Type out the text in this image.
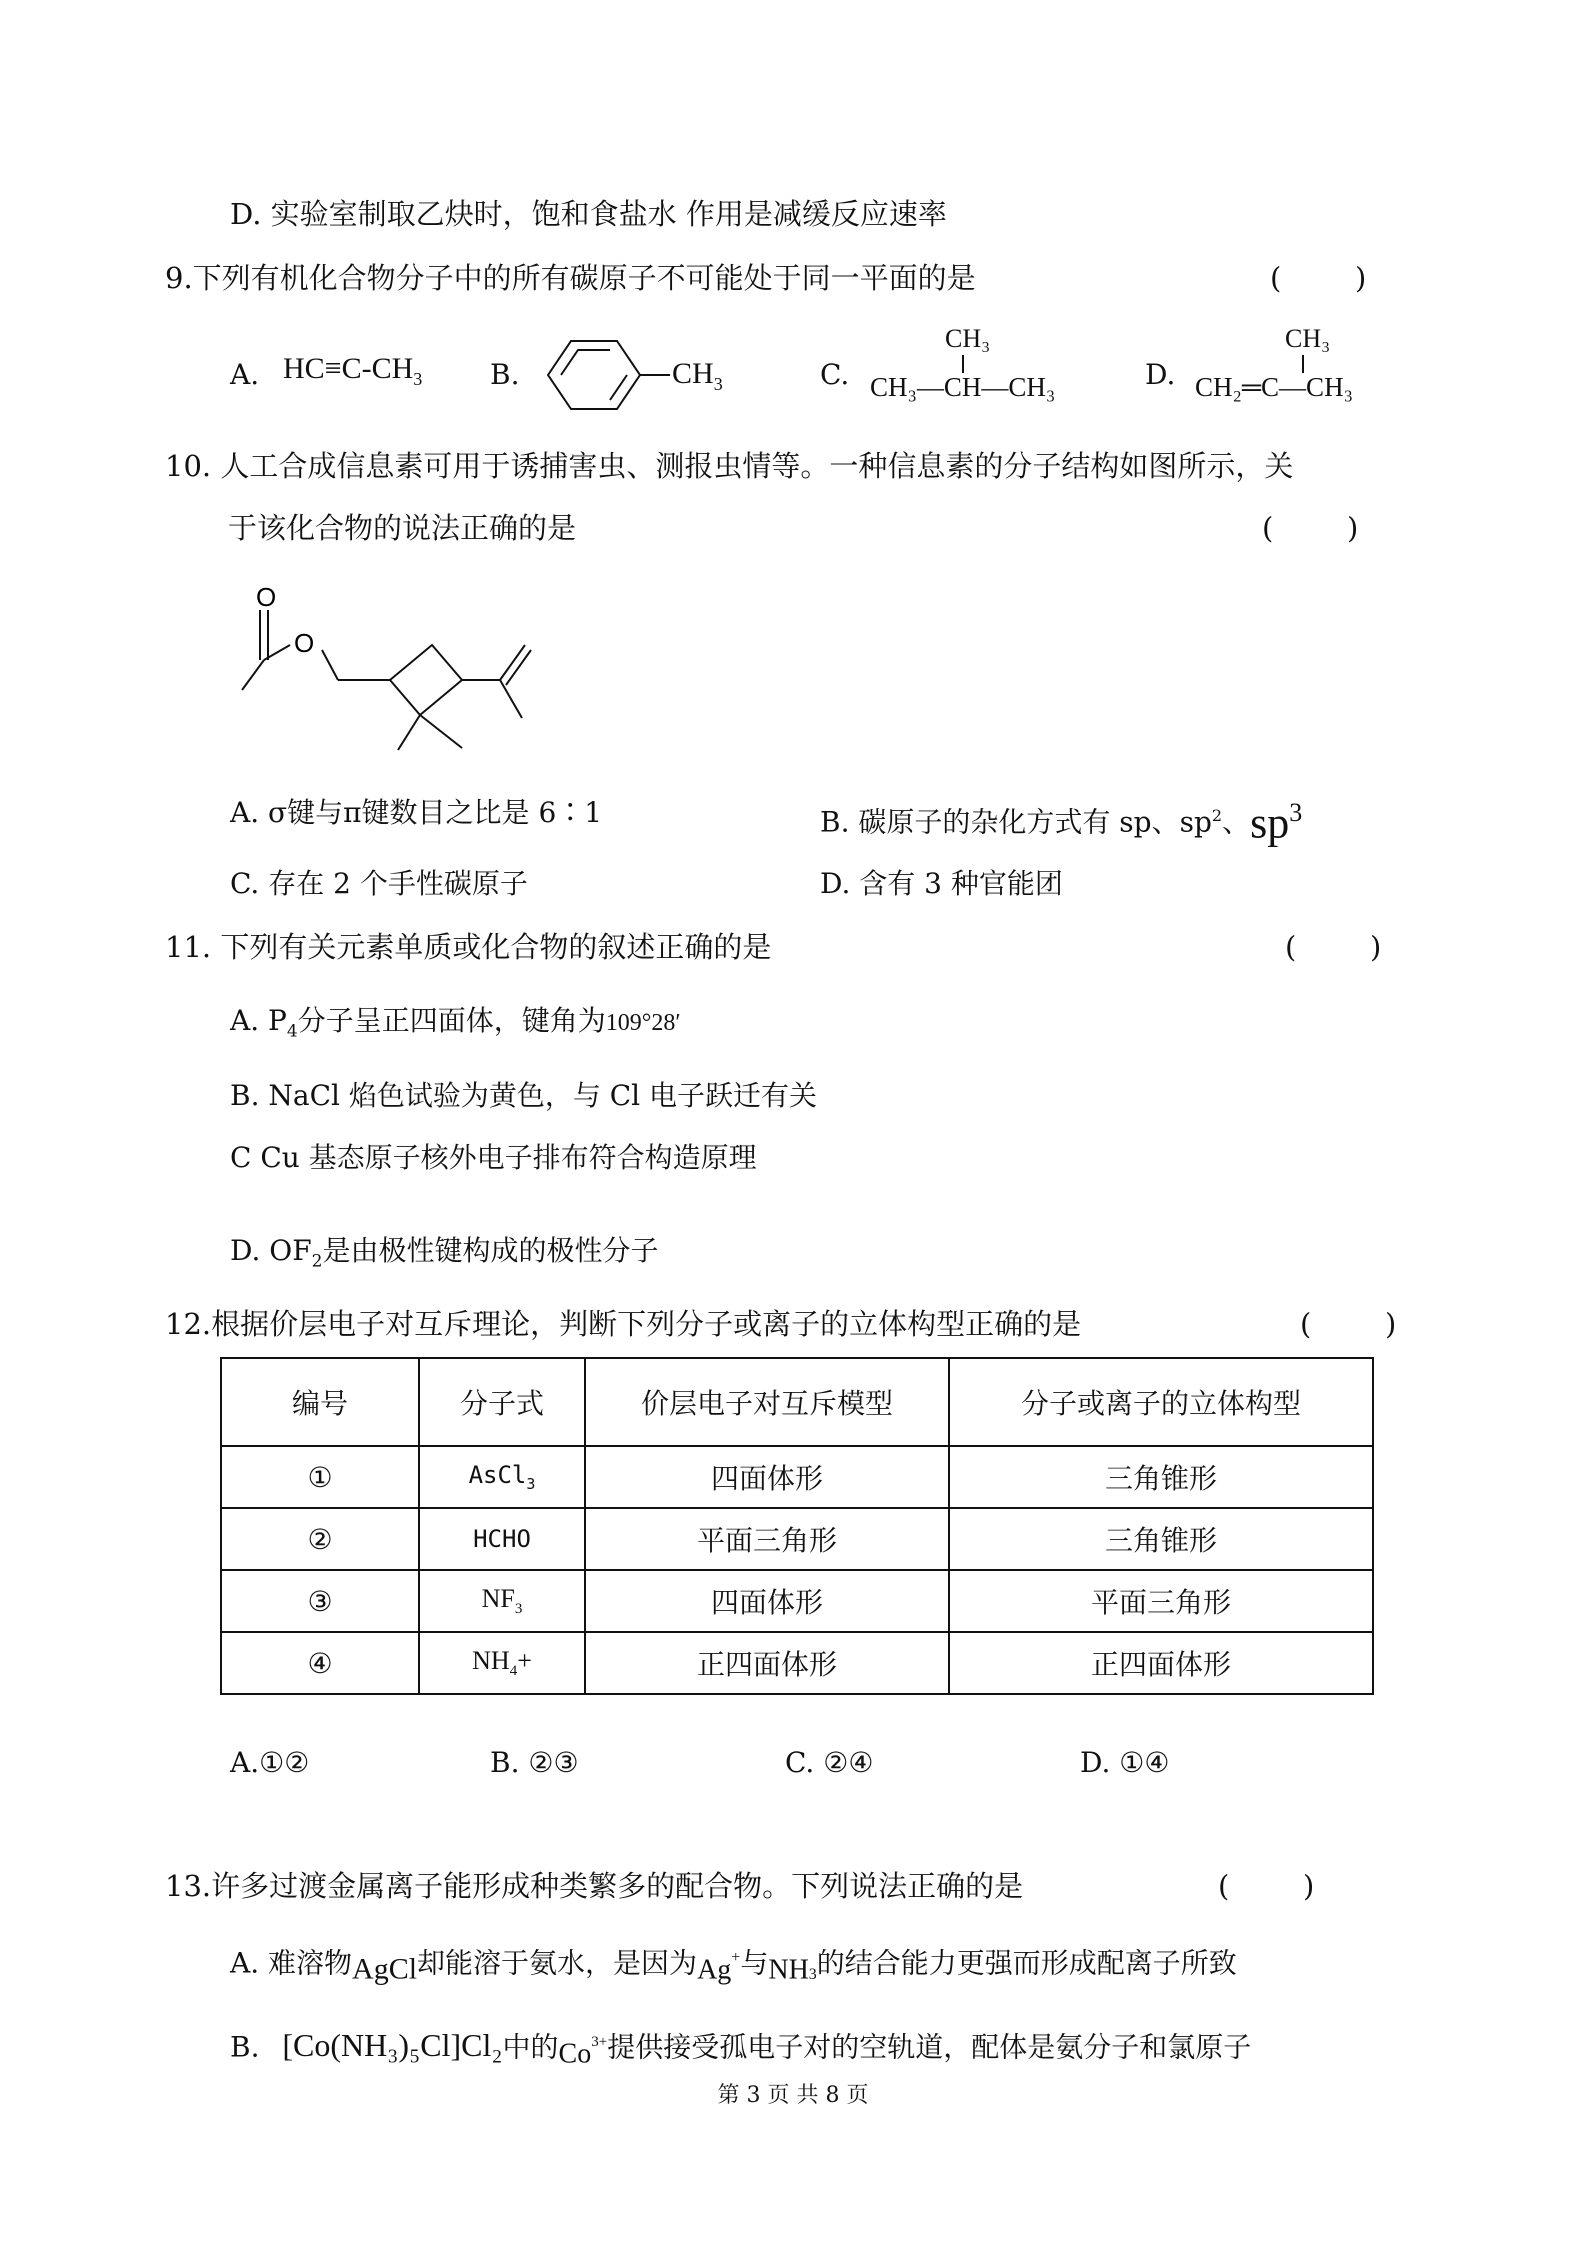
D. 实验室制取乙炔时，饱和食盐水 作用是减缓反应速率
9.下列有机化合物分子中的所有碳原子不可能处于同一平面的是	(        )
A. $HC\equiv C-CH_3$ B.	$CH_3$	C.
CH₃
CH₃—CH—CH₃	D.
CH₃
CH₂═C—CH₃
10. 人工合成信息素可用于诱捕害虫、测报虫情等。一种信息素的分子结构如图所示，关
于该化合物的说法正确的是	(        )
O
O
A. σ键与π键数目之比是 6∶1	B. 碳原子的杂化方式有 sp、$sp^2$、$sp^3$
C. 存在 2 个手性碳原子	D. 含有 3 种官能团
11. 下列有关元素单质或化合物的叙述正确的是	(        )
A. $P_4$分子呈正四面体，键角为109°28′
B. NaCl 焰色试验为黄色，与 Cl 电子跃迁有关
C Cu 基态原子核外电子排布符合构造原理
D. $OF_2$是由极性键构成的极性分子
12.根据价层电子对互斥理论，判断下列分子或离子的立体构型正确的是	(        )
编号	分子式	价层电子对互斥模型	分子或离子的立体构型
①	AsCl$_3$	四面体形	三角锥形
②	HCHO	平面三角形	三角锥形
③	$NF_3$	四面体形	平面三角形
④	$NH_4+$	正四面体形	正四面体形
A.①②	B. ②③	C. ②④	D. ①④
13.许多过渡金属离子能形成种类繁多的配合物。下列说法正确的是	(        )
A. 难溶物AgCl却能溶于氨水，是因为Ag+与$NH_3$的结合能力更强而形成配离子所致
B. [Co(NH₃)₅Cl]Cl₂中的$Co^{3+}$提供接受孤电子对的空轨道，配体是氨分子和氯原子
第 3 页 共 8 页
